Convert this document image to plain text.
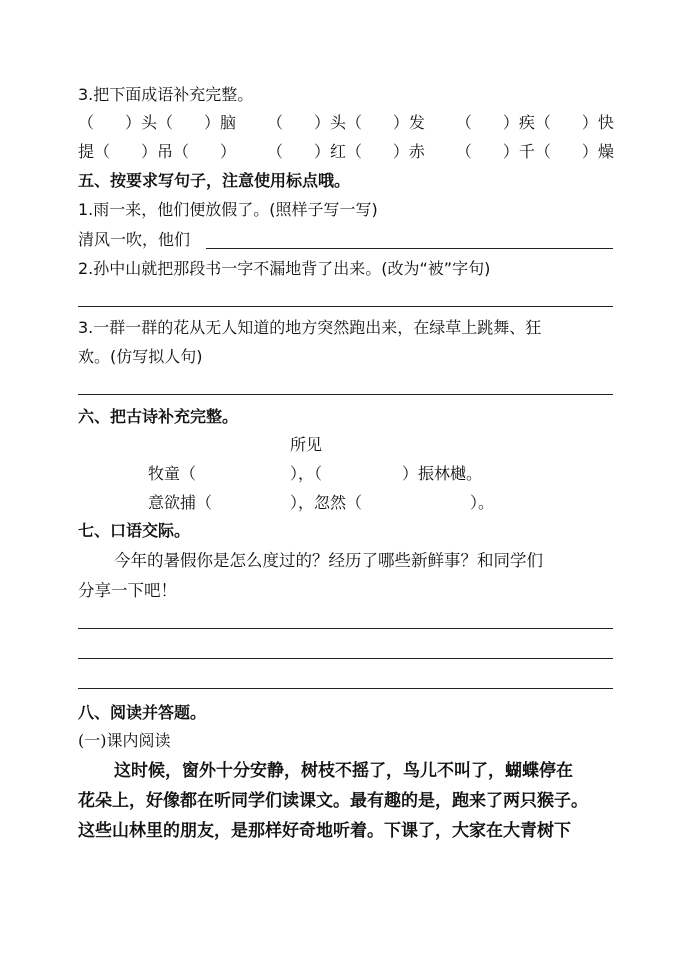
3.把下面成语补充完整。
（ ）头（ ）脑 （ ）头（ ）发 （ ）疾（ ）快
提（ ）吊（ ） （ ）红（ ）赤 （ ）千（ ）燥
五、按要求写句子，注意使用标点哦。
1.雨一来，他们便放假了。(照样子写一写)
清风一吹，他们
2.孙中山就把那段书一字不漏地背了出来。(改为“被”字句)
3.一群一群的花从无人知道的地方突然跑出来，在绿草上跳舞、狂
欢。(仿写拟人句)
六、把古诗补充完整。
所见
牧童（	），（	）振林樾。
意欲捕（	），忽然（	）。
七、口语交际。
今年的暑假你是怎么度过的？经历了哪些新鲜事？和同学们
分享一下吧！
八、阅读并答题。
(一)课内阅读
这时候，窗外十分安静，树枝不摇了，鸟儿不叫了，蝴蝶停在
花朵上，好像都在听同学们读课文。最有趣的是，跑来了两只猴子。
这些山林里的朋友，是那样好奇地听着。下课了，大家在大青树下
